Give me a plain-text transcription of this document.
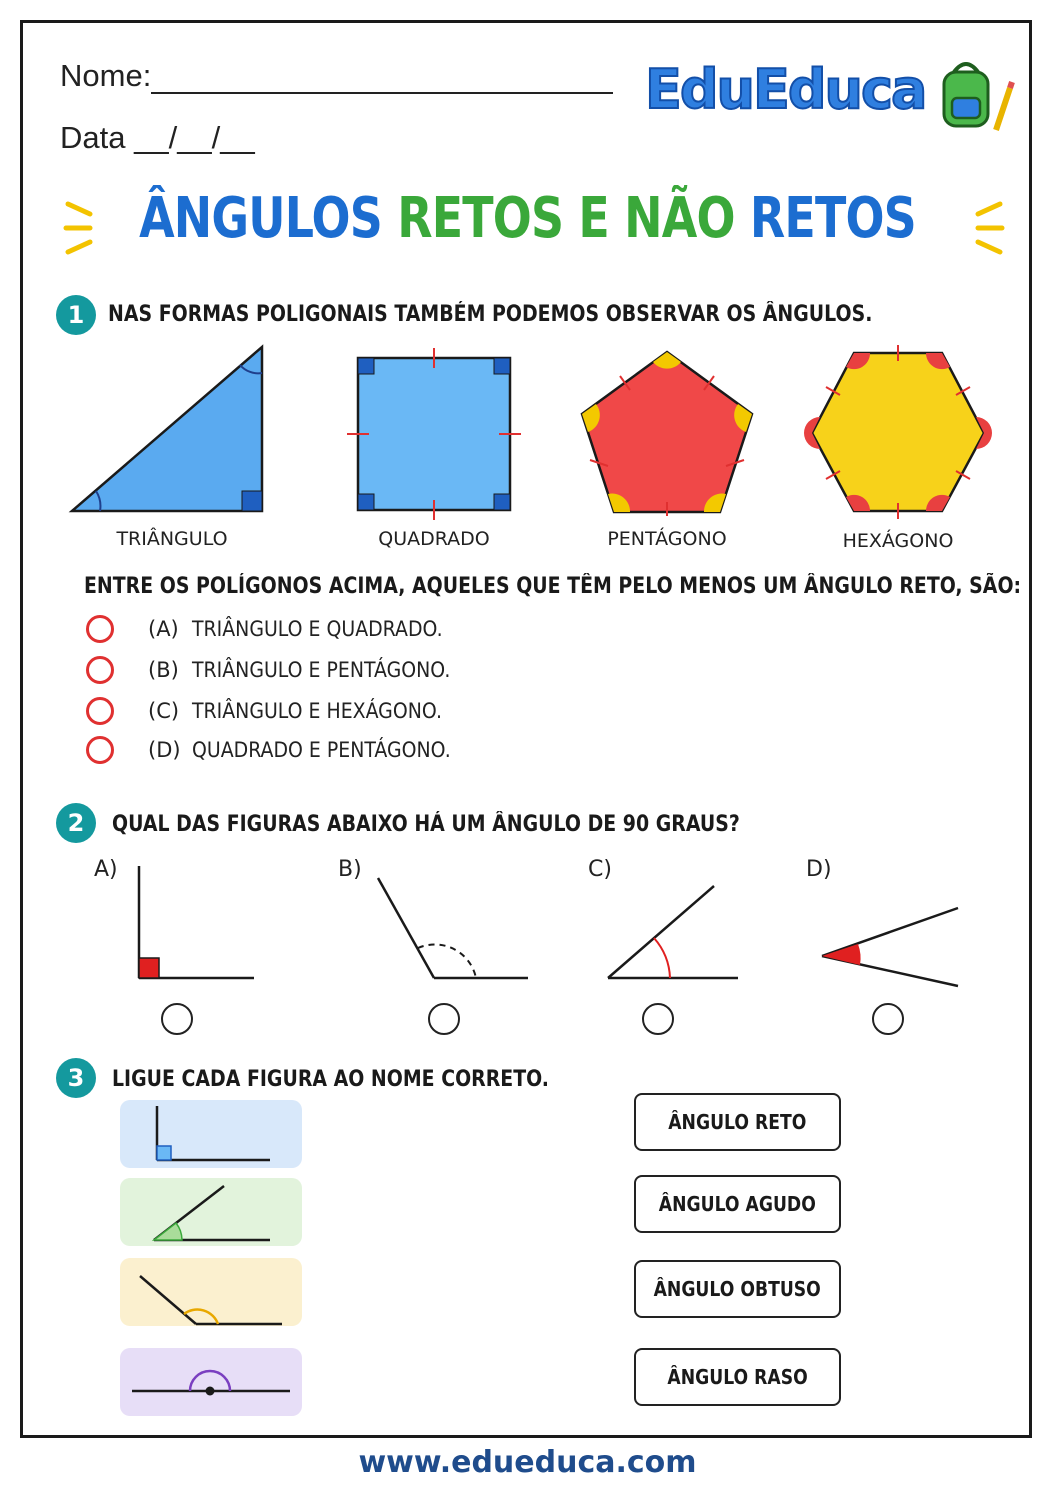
Nome:
Data __/__/__
EduEduca
ÂNGULOS RETOS E NÃO RETOS
1	NAS FORMAS POLIGONAIS TAMBÉM PODEMOS OBSERVAR OS ÂNGULOS.
TRIÂNGULO	QUADRADO	PENTÁGONO	HEXÁGONO
ENTRE OS POLÍGONOS ACIMA, AQUELES QUE TÊM PELO MENOS UM ÂNGULO RETO, SÃO:
(A) TRIÂNGULO E QUADRADO.
(B) TRIÂNGULO E PENTÁGONO.
(C) TRIÂNGULO E HEXÁGONO.
(D) QUADRADO E PENTÁGONO.
2	QUAL DAS FIGURAS ABAIXO HÁ UM ÂNGULO DE 90 GRAUS?
A)	B)	C)	D)
3	LIGUE CADA FIGURA AO NOME CORRETO.
ÂNGULO RETO
ÂNGULO AGUDO
ÂNGULO OBTUSO
ÂNGULO RASO
www.edueduca.com
